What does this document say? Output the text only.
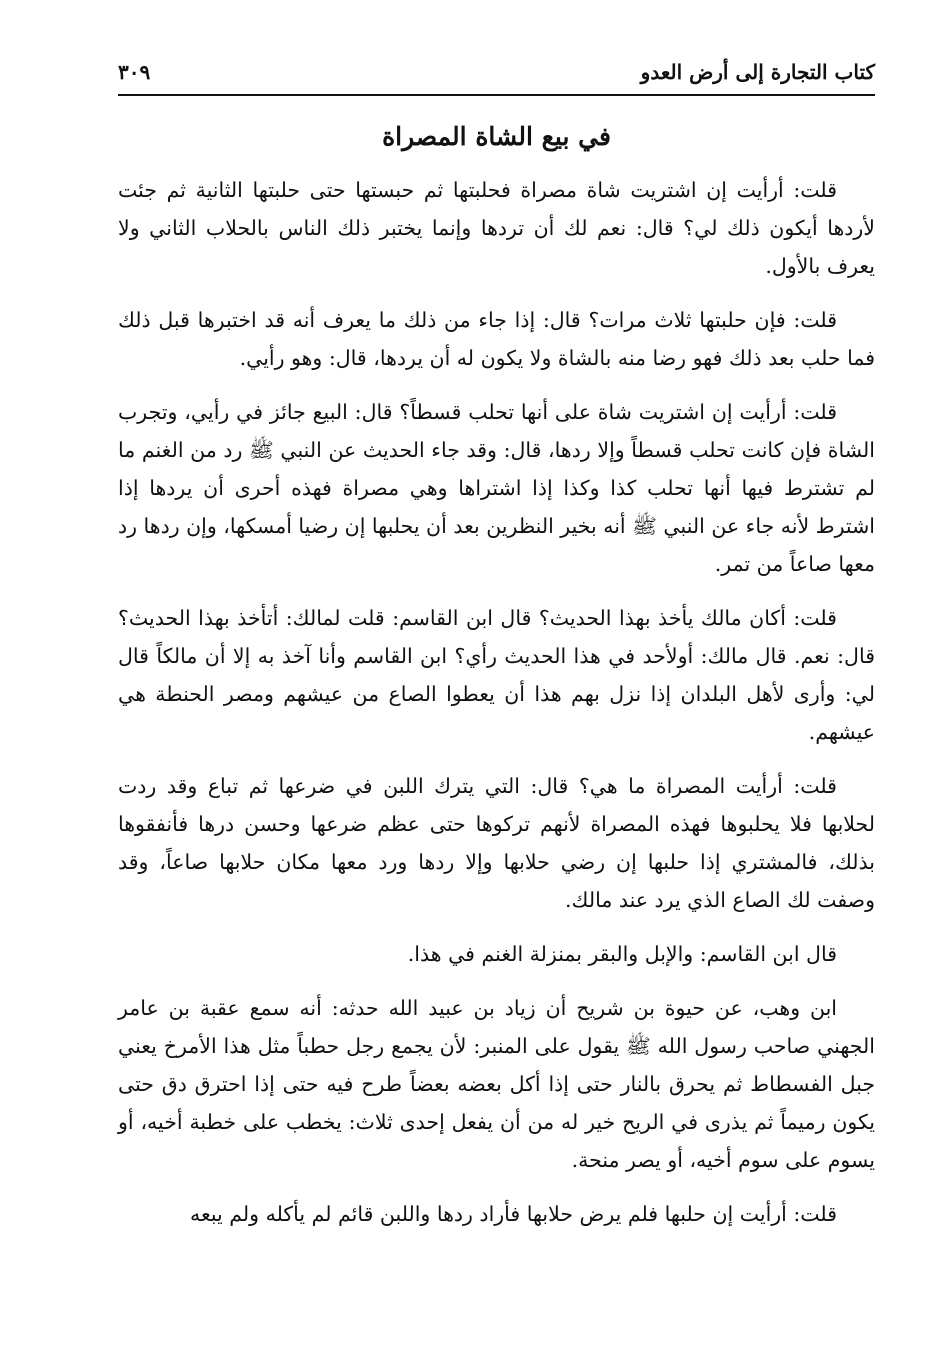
كتاب التجارة إلى أرض العدو
٣٠٩
في بيع الشاة المصراة

قلت: أرأيت إن اشتريت شاة مصراة فحلبتها ثم حبستها حتى حلبتها الثانية ثم جئت لأردها أيكون ذلك لي؟ قال: نعم لك أن تردها وإنما يختبر ذلك الناس بالحلاب الثاني ولا يعرف بالأول.

قلت: فإن حلبتها ثلاث مرات؟ قال: إذا جاء من ذلك ما يعرف أنه قد اختبرها قبل ذلك فما حلب بعد ذلك فهو رضا منه بالشاة ولا يكون له أن يردها، قال: وهو رأيي.

قلت: أرأيت إن اشتريت شاة على أنها تحلب قسطاً؟ قال: البيع جائز في رأيي، وتجرب الشاة فإن كانت تحلب قسطاً وإلا ردها، قال: وقد جاء الحديث عن النبي ﷺ رد من الغنم ما لم تشترط فيها أنها تحلب كذا وكذا إذا اشتراها وهي مصراة فهذه أحرى أن يردها إذا اشترط لأنه جاء عن النبي ﷺ أنه بخير النظرين بعد أن يحلبها إن رضيا أمسكها، وإن ردها رد معها صاعاً من تمر.

قلت: أكان مالك يأخذ بهذا الحديث؟ قال ابن القاسم: قلت لمالك: أتأخذ بهذا الحديث؟ قال: نعم. قال مالك: أولأحد في هذا الحديث رأي؟ ابن القاسم وأنا آخذ به إلا أن مالكاً قال لي: وأرى لأهل البلدان إذا نزل بهم هذا أن يعطوا الصاع من عيشهم ومصر الحنطة هي عيشهم.

قلت: أرأيت المصراة ما هي؟ قال: التي يترك اللبن في ضرعها ثم تباع وقد ردت لحلابها فلا يحلبوها فهذه المصراة لأنهم تركوها حتى عظم ضرعها وحسن درها فأنفقوها بذلك، فالمشتري إذا حلبها إن رضي حلابها وإلا ردها ورد معها مكان حلابها صاعاً، وقد وصفت لك الصاع الذي يرد عند مالك.

قال ابن القاسم: والإبل والبقر بمنزلة الغنم في هذا.

ابن وهب، عن حيوة بن شريح أن زياد بن عبيد الله حدثه: أنه سمع عقبة بن عامر الجهني صاحب رسول الله ﷺ يقول على المنبر: لأن يجمع رجل حطباً مثل هذا الأمرخ يعني جبل الفسطاط ثم يحرق بالنار حتى إذا أكل بعضه بعضاً طرح فيه حتى إذا احترق دق حتى يكون رميماً ثم يذرى في الريح خير له من أن يفعل إحدى ثلاث: يخطب على خطبة أخيه، أو يسوم على سوم أخيه، أو يصر منحة.

قلت: أرأيت إن حلبها فلم يرض حلابها فأراد ردها واللبن قائم لم يأكله ولم يبعه
